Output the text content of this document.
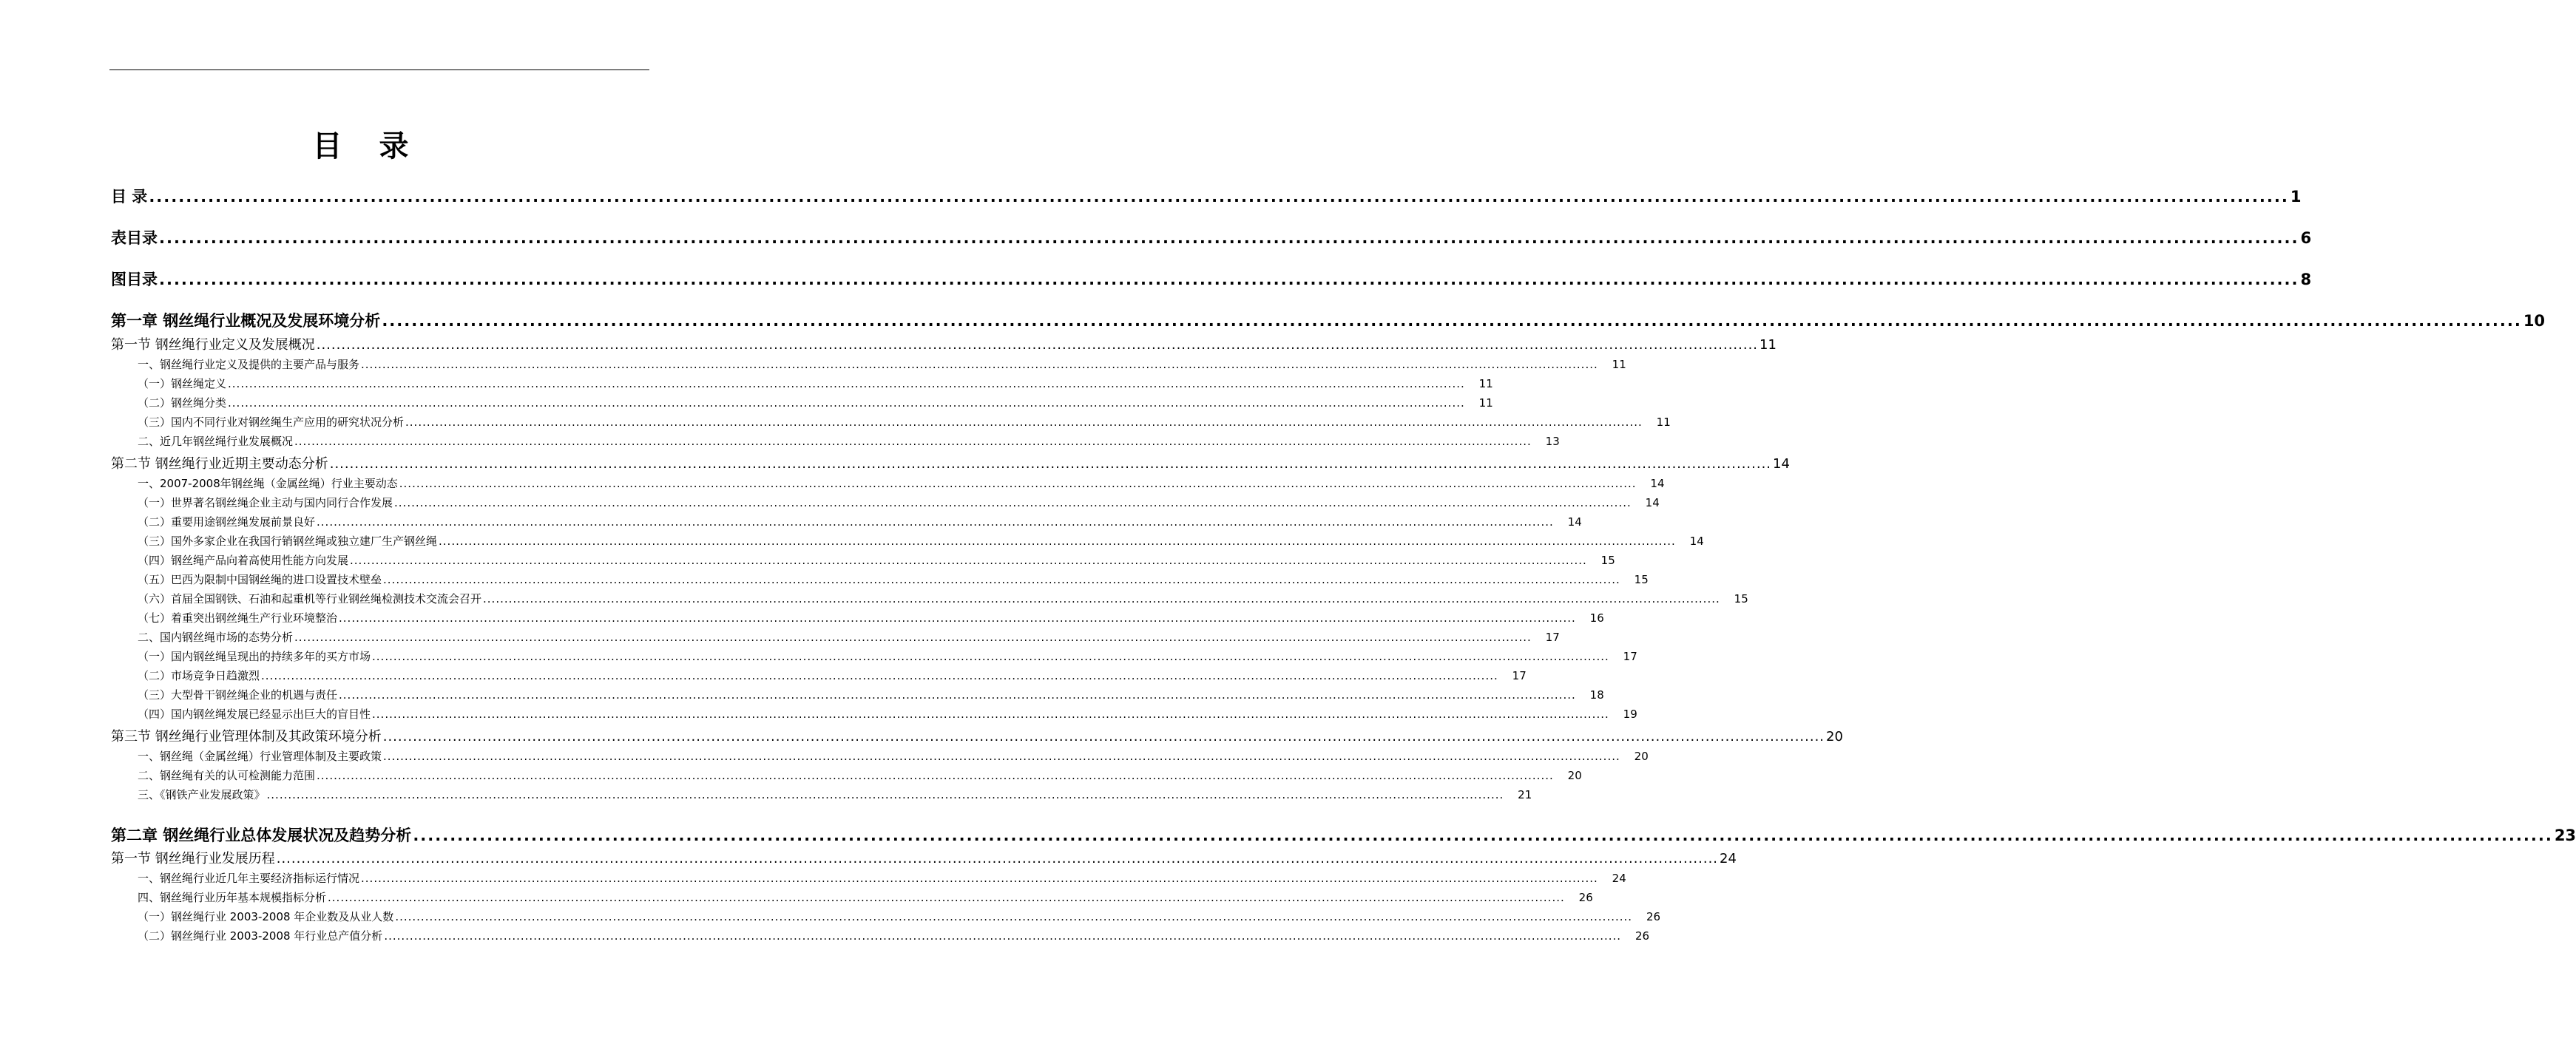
目 录
目 录 .................................................................................................................................................................................................................................................................................................. 1
表目录 .................................................................................................................................................................................................................................................................................................. 6
图目录 .................................................................................................................................................................................................................................................................................................. 8
第一章 钢丝绳行业概况及发展环境分析 .................................................................................................................................................................................................................................................................................................. 10
第一节 钢丝绳行业定义及发展概况 .................................................................................................................................................................................................................................................................................................. 11
一、钢丝绳行业定义及提供的主要产品与服务 ..................................................................................................................................................................................................................................................................................................	11
（一）钢丝绳定义 ..................................................................................................................................................................................................................................................................................................	11
（二）钢丝绳分类 ..................................................................................................................................................................................................................................................................................................	11
（三）国内不同行业对钢丝绳生产应用的研究状况分析 ..................................................................................................................................................................................................................................................................................................	11
二、近几年钢丝绳行业发展概况 ..................................................................................................................................................................................................................................................................................................	13
第二节 钢丝绳行业近期主要动态分析 .................................................................................................................................................................................................................................................................................................. 14
一、2007-2008年钢丝绳（金属丝绳）行业主要动态 ..................................................................................................................................................................................................................................................................................................	14
（一）世界著名钢丝绳企业主动与国内同行合作发展 ..................................................................................................................................................................................................................................................................................................	14
（二）重要用途钢丝绳发展前景良好 ..................................................................................................................................................................................................................................................................................................	14
（三）国外多家企业在我国行销钢丝绳或独立建厂生产钢丝绳 ..................................................................................................................................................................................................................................................................................................	14
（四）钢丝绳产品向着高使用性能方向发展 ..................................................................................................................................................................................................................................................................................................	15
（五）巴西为限制中国钢丝绳的进口设置技术壁垒 ..................................................................................................................................................................................................................................................................................................	15
（六）首届全国钢铁、石油和起重机等行业钢丝绳检测技术交流会召开 ..................................................................................................................................................................................................................................................................................................	15
（七）着重突出钢丝绳生产行业环境整治 ..................................................................................................................................................................................................................................................................................................	16
二、国内钢丝绳市场的态势分析 ..................................................................................................................................................................................................................................................................................................	17
（一）国内钢丝绳呈现出的持续多年的买方市场 ..................................................................................................................................................................................................................................................................................................	17
（二）市场竞争日趋激烈 ..................................................................................................................................................................................................................................................................................................	17
（三）大型骨干钢丝绳企业的机遇与责任 ..................................................................................................................................................................................................................................................................................................	18
（四）国内钢丝绳发展已经显示出巨大的盲目性 ..................................................................................................................................................................................................................................................................................................	19
第三节 钢丝绳行业管理体制及其政策环境分析 .................................................................................................................................................................................................................................................................................................. 20
一、钢丝绳（金属丝绳）行业管理体制及主要政策 ..................................................................................................................................................................................................................................................................................................	20
二、钢丝绳有关的认可检测能力范围 ..................................................................................................................................................................................................................................................................................................	20
三、《钢铁产业发展政策》 ..................................................................................................................................................................................................................................................................................................	21
第二章 钢丝绳行业总体发展状况及趋势分析 .................................................................................................................................................................................................................................................................................................. 23
第一节 钢丝绳行业发展历程 .................................................................................................................................................................................................................................................................................................. 24
一、钢丝绳行业近几年主要经济指标运行情况 ..................................................................................................................................................................................................................................................................................................	24
四、钢丝绳行业历年基本规模指标分析 ..................................................................................................................................................................................................................................................................................................	26
（一）钢丝绳行业 2003-2008 年企业数及从业人数 ..................................................................................................................................................................................................................................................................................................	26
（二）钢丝绳行业 2003-2008 年行业总产值分析 ..................................................................................................................................................................................................................................................................................................	26
